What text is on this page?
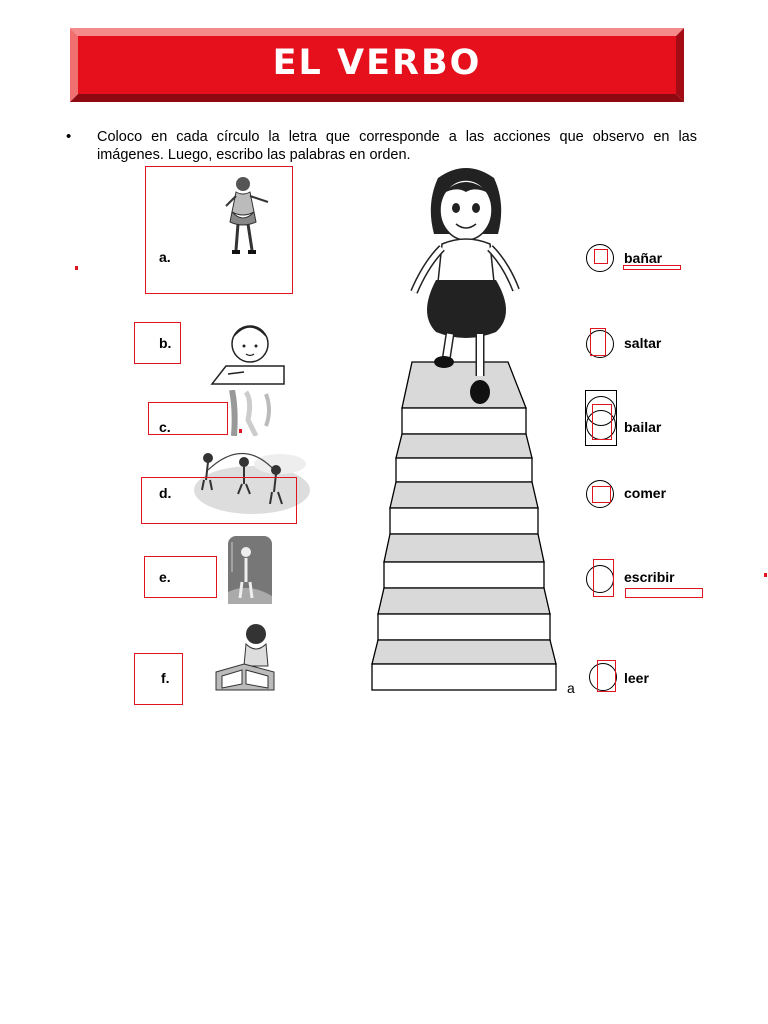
EL VERBO
• Coloco en cada círculo la letra que corresponde a las acciones que observo en las imágenes. Luego, escribo las palabras en orden.
a.
b.
c.
d.
e.
f.
a
bañar
saltar
bailar
comer
escribir
leer
